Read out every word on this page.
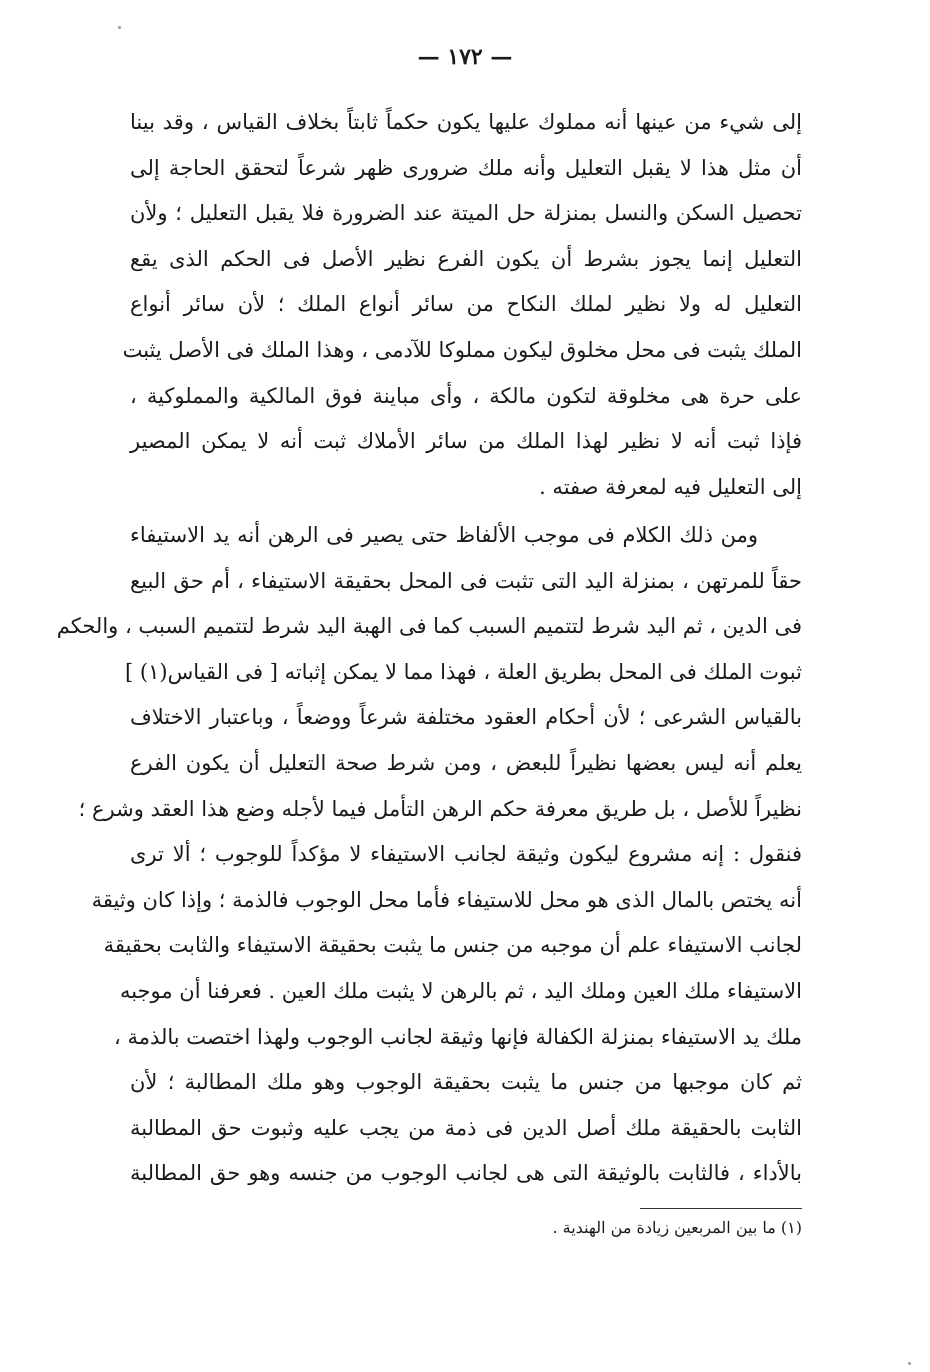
— ١٧٢ —
إلى شيء من عينها أنه مملوك عليها يكون حكماً ثابتاً بخلاف القياس ، وقد بينا
أن مثل هذا لا يقبل التعليل وأنه ملك ضرورى ظهر شرعاً لتحقق الحاجة إلى
تحصيل السكن والنسل بمنزلة حل الميتة عند الضرورة فلا يقبل التعليل ؛ ولأن
التعليل إنما يجوز بشرط أن يكون الفرع نظير الأصل فى الحكم الذى يقع
التعليل له ولا نظير لملك النكاح من سائر أنواع الملك ؛ لأن سائر أنواع
الملك يثبت فى محل مخلوق ليكون مملوكا للآدمى ، وهذا الملك فى الأصل يثبت
على حرة هى مخلوقة لتكون مالكة ، وأى مباينة فوق المالكية والمملوكية ،
فإذا ثبت أنه لا نظير لهذا الملك من سائر الأملاك ثبت أنه لا يمكن المصير
إلى التعليل فيه لمعرفة صفته .
ومن ذلك الكلام فى موجب الألفاظ حتى يصير فى الرهن أنه يد الاستيفاء
حقاً للمرتهن ، بمنزلة اليد التى تثبت فى المحل بحقيقة الاستيفاء ، أم حق البيع
فى الدين ، ثم اليد شرط لتتميم السبب كما فى الهبة اليد شرط لتتميم السبب ، والحكم
ثبوت الملك فى المحل بطريق العلة ، فهذا مما لا يمكن إثباته [ فى القياس(١) ]
بالقياس الشرعى ؛ لأن أحكام العقود مختلفة شرعاً ووضعاً ، وباعتبار الاختلاف
يعلم أنه ليس بعضها نظيراً للبعض ، ومن شرط صحة التعليل أن يكون الفرع
نظيراً للأصل ، بل طريق معرفة حكم الرهن التأمل فيما لأجله وضع هذا العقد وشرع ؛
فنقول : إنه مشروع ليكون وثيقة لجانب الاستيفاء لا مؤكداً للوجوب ؛ ألا ترى
أنه يختص بالمال الذى هو محل للاستيفاء فأما محل الوجوب فالذمة ؛ وإذا كان وثيقة
لجانب الاستيفاء علم أن موجبه من جنس ما يثبت بحقيقة الاستيفاء والثابت بحقيقة
الاستيفاء ملك العين وملك اليد ، ثم بالرهن لا يثبت ملك العين . فعرفنا أن موجبه
ملك يد الاستيفاء بمنزلة الكفالة فإنها وثيقة لجانب الوجوب ولهذا اختصت بالذمة ،
ثم كان موجبها من جنس ما يثبت بحقيقة الوجوب وهو ملك المطالبة ؛ لأن
الثابت بالحقيقة ملك أصل الدين فى ذمة من يجب عليه وثبوت حق المطالبة
بالأداء ، فالثابت بالوثيقة التى هى لجانب الوجوب من جنسه وهو حق المطالبة
(١) ما بين المربعين زيادة من الهندية .
